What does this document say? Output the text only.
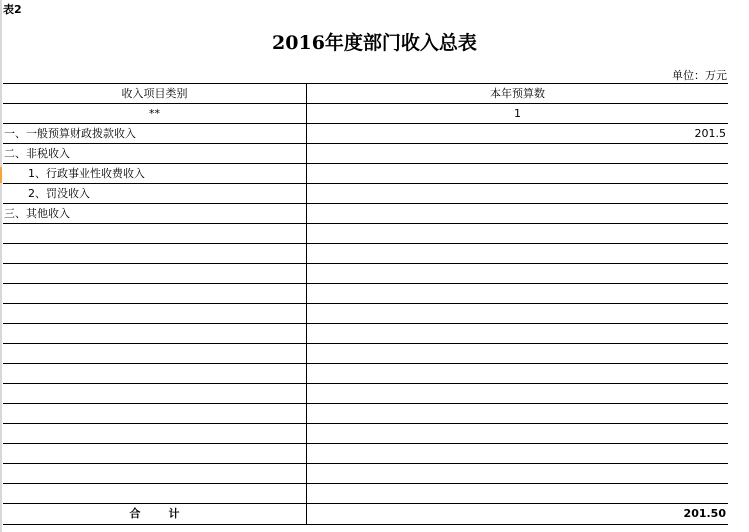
表2
2016年度部门收入总表
单位：万元
收入项目类别	本年预算数
**	1
一、一般预算财政拨款收入	201.5
二、非税收入
1、行政事业性收费收入
2、罚没收入
三、其他收入
合计	201.50
